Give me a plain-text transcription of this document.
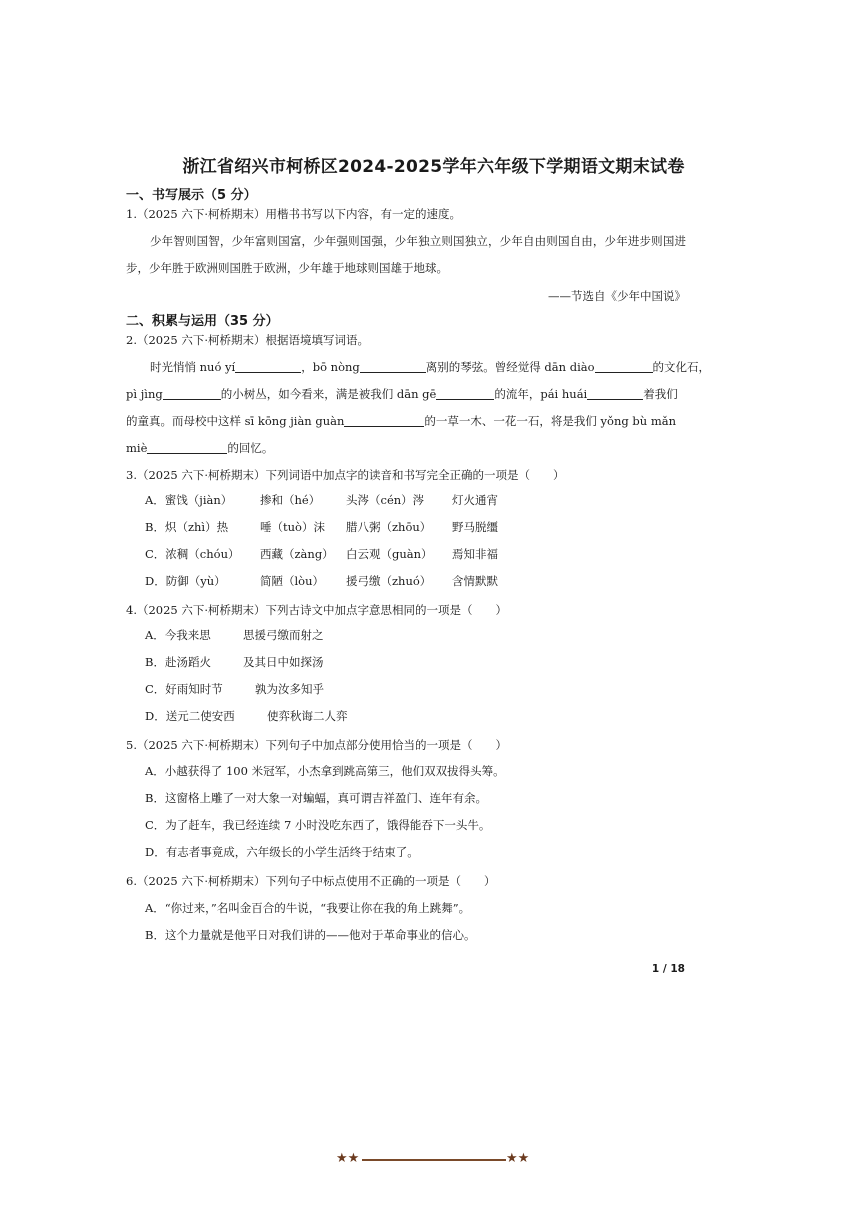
浙江省绍兴市柯桥区2024-2025学年六年级下学期语文期末试卷
一、书写展示（5 分）
1.（2025 六下·柯桥期末）用楷书书写以下内容，有一定的速度。

少年智则国智，少年富则国富，少年强则国强，少年独立则国独立，少年自由则国自由，少年进步则国进步，少年胜于欧洲则国胜于欧洲，少年雄于地球则国雄于地球。

——节选自《少年中国说》
二、积累与运用（35 分）
2.（2025 六下·柯桥期末）根据语境填写词语。
时光悄悄 nuó yí	，bō nòng	离别的琴弦。曾经觉得 dān diào	的文化石，
pì jìng	的小树丛，如今看来，满是被我们 dān gē	的流年，pái huái	着我们
的童真。而母校中这样 sī kōng jiàn guàn	的一草一木、一花一石，将是我们 yǒng bù mǎn
miè	的回忆。
3.（2025 六下·柯桥期末）下列词语中加点字的读音和书写完全正确的一项是（　　）
A．蜜饯（jiàn） 掺和（hé） 头涔（cén）涔 灯火通宵
B．炽（zhì）热	唾（tuò）沫 腊八粥（zhōu） 野马脱缰
C．浓稠（chóu） 西藏（zàng） 白云观（guàn） 焉知非福
D．防御（yù）	简陋（lòu） 援弓缴（zhuó） 含情默默
4.（2025 六下·柯桥期末）下列古诗文中加点字意思相同的一项是（　　）
A．今我来思	思援弓缴而射之
B．赴汤蹈火	及其日中如探汤
C．好雨知时节	孰为汝多知乎
D．送元二使安西	使弈秋诲二人弈
5.（2025 六下·柯桥期末）下列句子中加点部分使用恰当的一项是（　　）
A．小越获得了 100 米冠军，小杰拿到跳高第三，他们双双拔得头筹。
B．这窗格上雕了一对大象一对蝙蝠，真可谓吉祥盈门、连年有余。
C．为了赶车，我已经连续 7 小时没吃东西了，饿得能吞下一头牛。
D．有志者事竟成，六年级长的小学生活终于结束了。
6.（2025 六下·柯桥期末）下列句子中标点使用不正确的一项是（　　）
A．“你过来，”名叫金百合的牛说，“我要让你在我的角上跳舞”。
B．这个力量就是他平日对我们讲的——他对于革命事业的信心。
1 / 18
★★	★★
